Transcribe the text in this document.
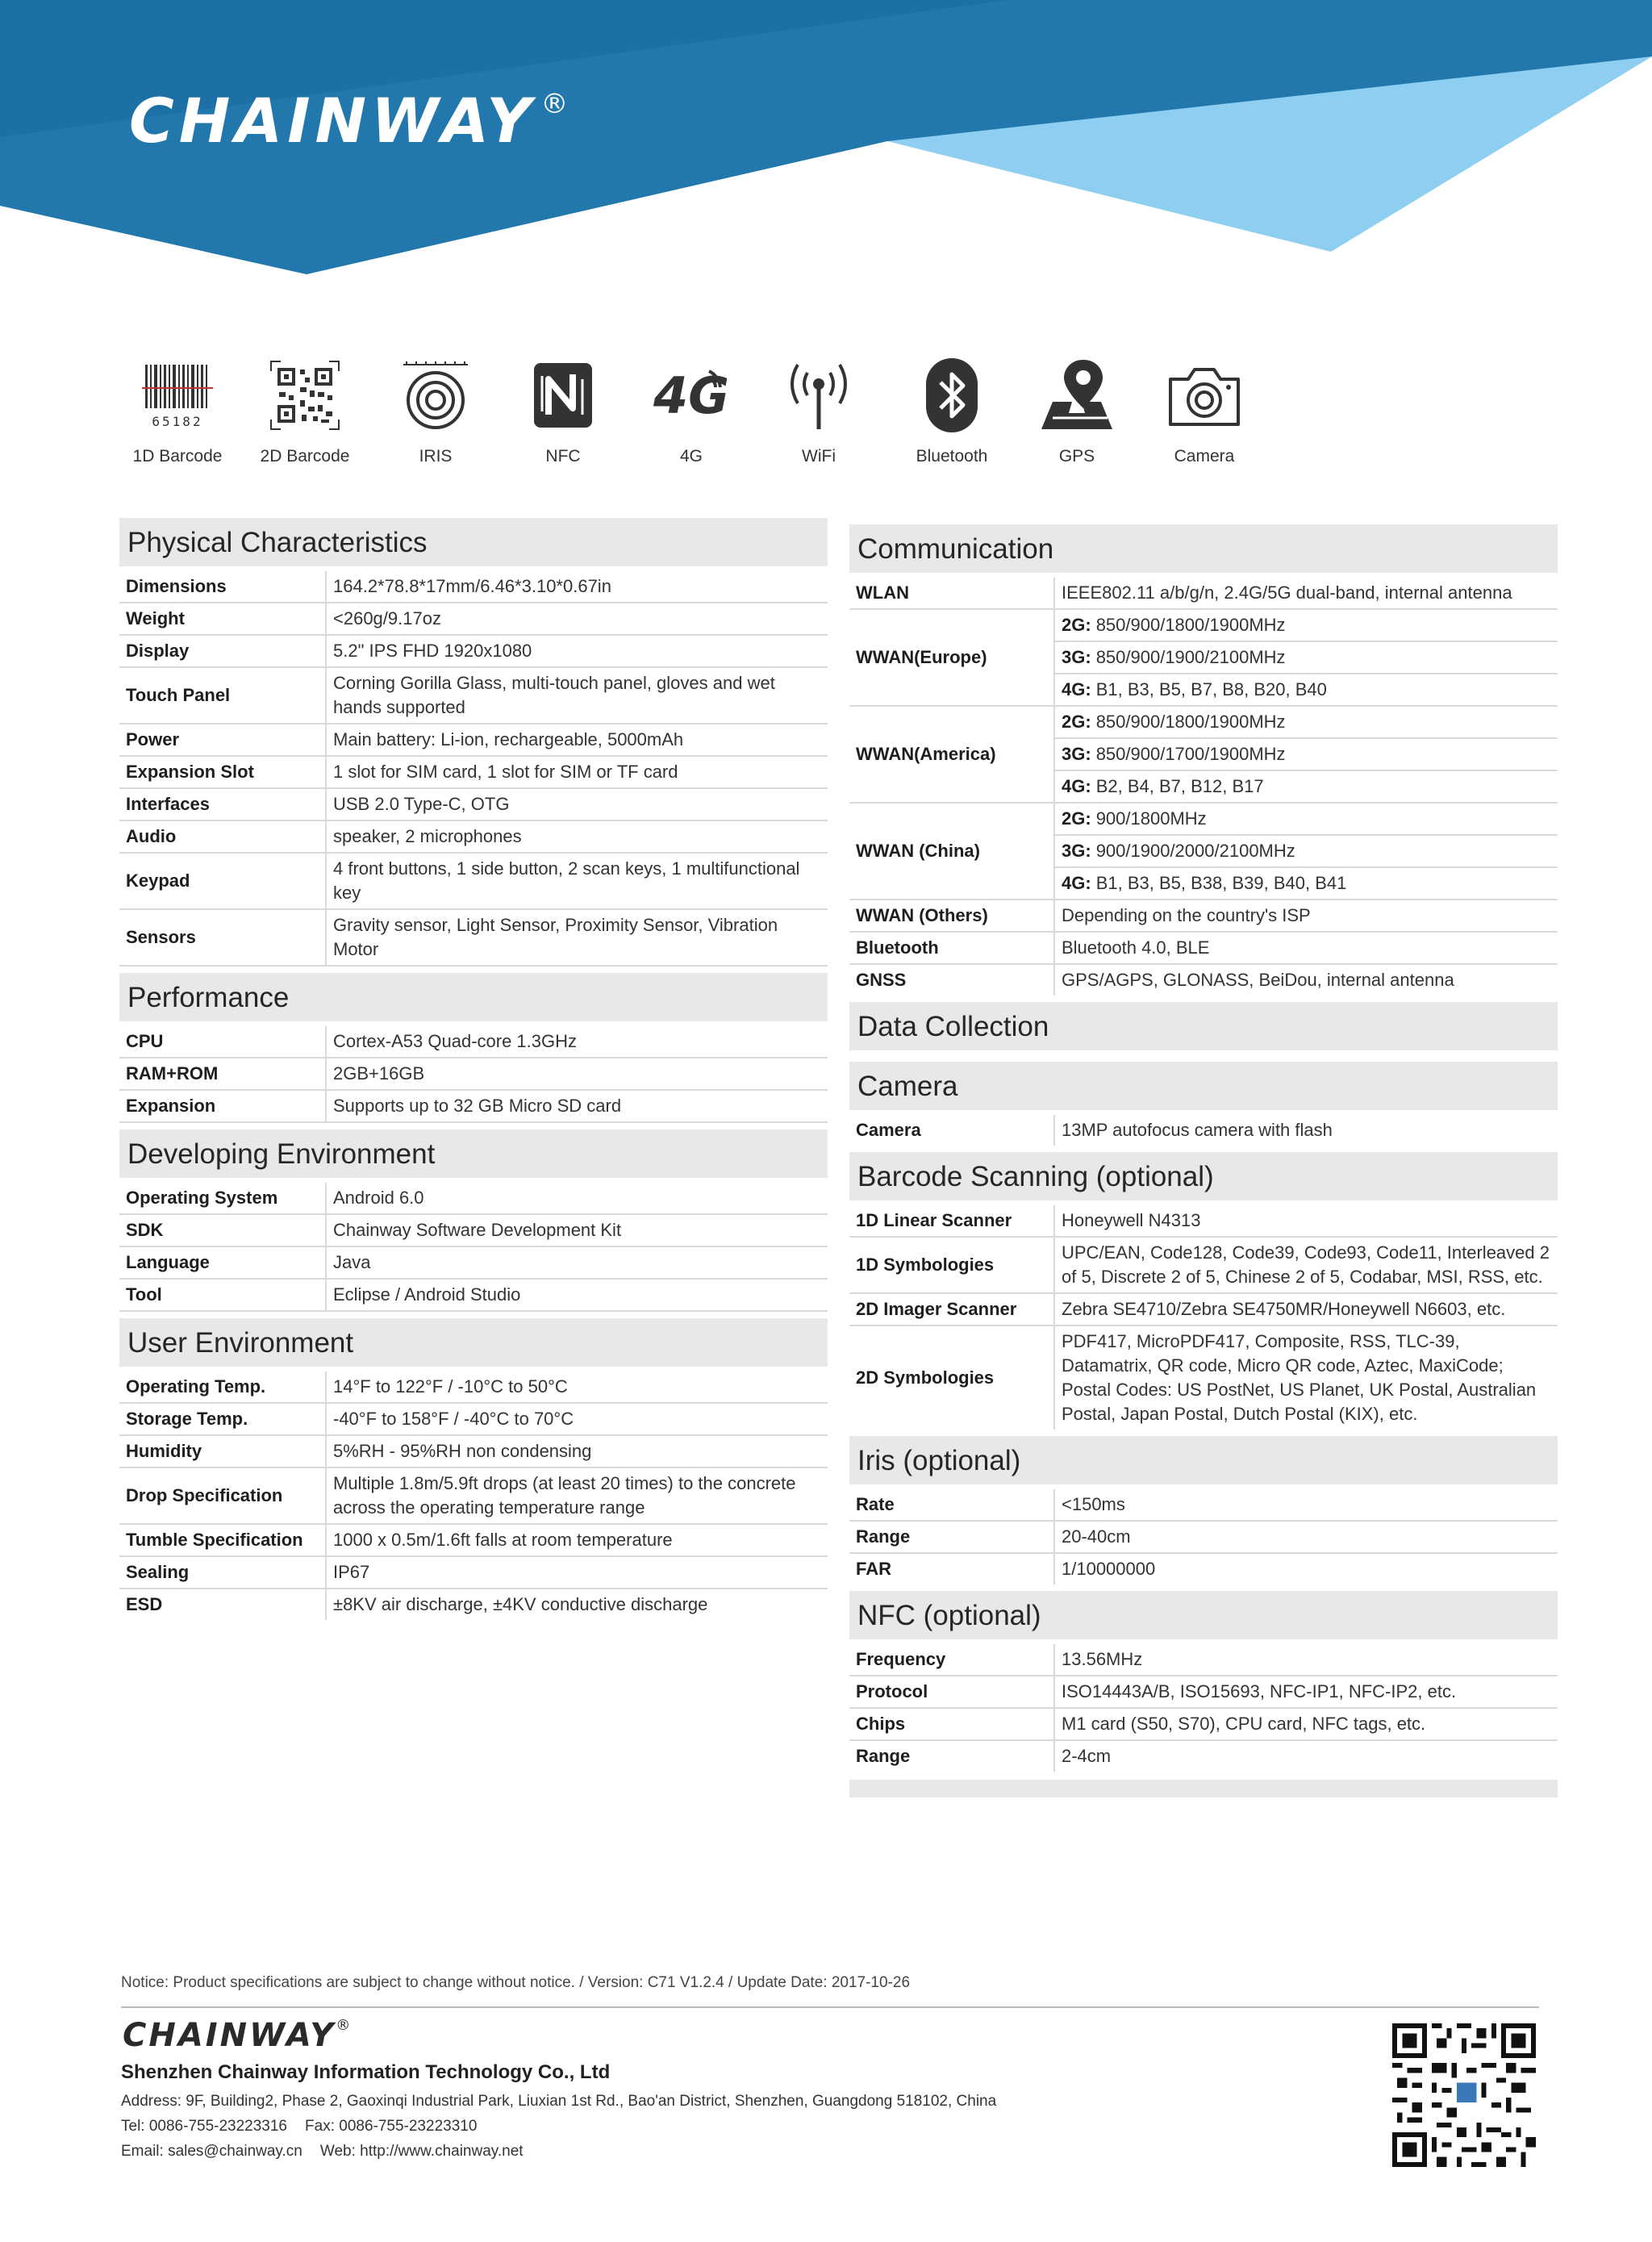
CHAINWAY ®
65182
1D Barcode	2D Barcode	IRIS	NFC
4G
4G	WiFi	Bluetooth	GPS	Camera
Physical Characteristics
Dimensions	164.2*78.8*17mm/6.46*3.10*0.67in
Weight	<260g/9.17oz
Display	5.2" IPS FHD 1920x1080
Touch Panel	Corning Gorilla Glass, multi-touch panel, gloves and wet hands supported
Power	Main battery: Li-ion, rechargeable, 5000mAh
Expansion Slot	1 slot for SIM card, 1 slot for SIM or TF card
Interfaces	USB 2.0 Type-C, OTG
Audio	speaker, 2 microphones
Keypad	4 front buttons, 1 side button, 2 scan keys, 1 multifunctional key
Sensors	Gravity sensor, Light Sensor, Proximity Sensor, Vibration Motor
Performance
CPU	Cortex-A53 Quad-core 1.3GHz
RAM+ROM	2GB+16GB
Expansion	Supports up to 32 GB Micro SD card
Developing Environment
Operating System	Android 6.0
SDK	Chainway Software Development Kit
Language	Java
Tool	Eclipse / Android Studio
User Environment
Operating Temp.	14°F to 122°F / -10°C to 50°C
Storage Temp.	-40°F to 158°F / -40°C to 70°C
Humidity	5%RH - 95%RH non condensing
Drop Specification	Multiple 1.8m/5.9ft drops (at least 20 times) to the concrete across the operating temperature range
Tumble Specification	1000 x 0.5m/1.6ft falls at room temperature
Sealing	IP67
ESD	±8KV air discharge, ±4KV conductive discharge
Communication
WLAN	IEEE802.11 a/b/g/n, 2.4G/5G dual-band, internal antenna
WWAN(Europe)	2G: 850/900/1800/1900MHz
	3G: 850/900/1900/2100MHz
	4G: B1, B3, B5, B7, B8, B20, B40
WWAN(America)	2G: 850/900/1800/1900MHz
	3G: 850/900/1700/1900MHz
	4G: B2, B4, B7, B12, B17
WWAN (China)	2G: 900/1800MHz
	3G: 900/1900/2000/2100MHz
	4G: B1, B3, B5, B38, B39, B40, B41
WWAN (Others)	Depending on the country's ISP
Bluetooth	Bluetooth 4.0, BLE
GNSS	GPS/AGPS, GLONASS, BeiDou, internal antenna
Data Collection
Camera
Camera	13MP autofocus camera with flash
Barcode Scanning (optional)
1D Linear Scanner	Honeywell N4313
1D Symbologies	UPC/EAN, Code128, Code39, Code93, Code11, Interleaved 2 of 5, Discrete 2 of 5, Chinese 2 of 5, Codabar, MSI, RSS, etc.
2D Imager Scanner	Zebra SE4710/Zebra SE4750MR/Honeywell N6603, etc.
2D Symbologies	PDF417, MicroPDF417, Composite, RSS, TLC-39, Datamatrix, QR code, Micro QR code, Aztec, MaxiCode; Postal Codes: US PostNet, US Planet, UK Postal, Australian Postal, Japan Postal, Dutch Postal (KIX), etc.
Iris (optional)
Rate	<150ms
Range	20-40cm
FAR	1/10000000
NFC (optional)
Frequency	13.56MHz
Protocol	ISO14443A/B, ISO15693, NFC-IP1, NFC-IP2, etc.
Chips	M1 card (S50, S70), CPU card, NFC tags, etc.
Range	2-4cm
Notice: Product specifications are subject to change without notice. / Version: C71 V1.2.4 / Update Date: 2017-10-26
CHAINWAY®
Shenzhen Chainway Information Technology Co., Ltd
Address: 9F, Building2, Phase 2, Gaoxinqi Industrial Park, Liuxian 1st Rd., Bao'an District, Shenzhen, Guangdong 518102, China
Tel: 0086-755-23223316 Fax: 0086-755-23223310
Email: sales@chainway.cn Web: http://www.chainway.net
